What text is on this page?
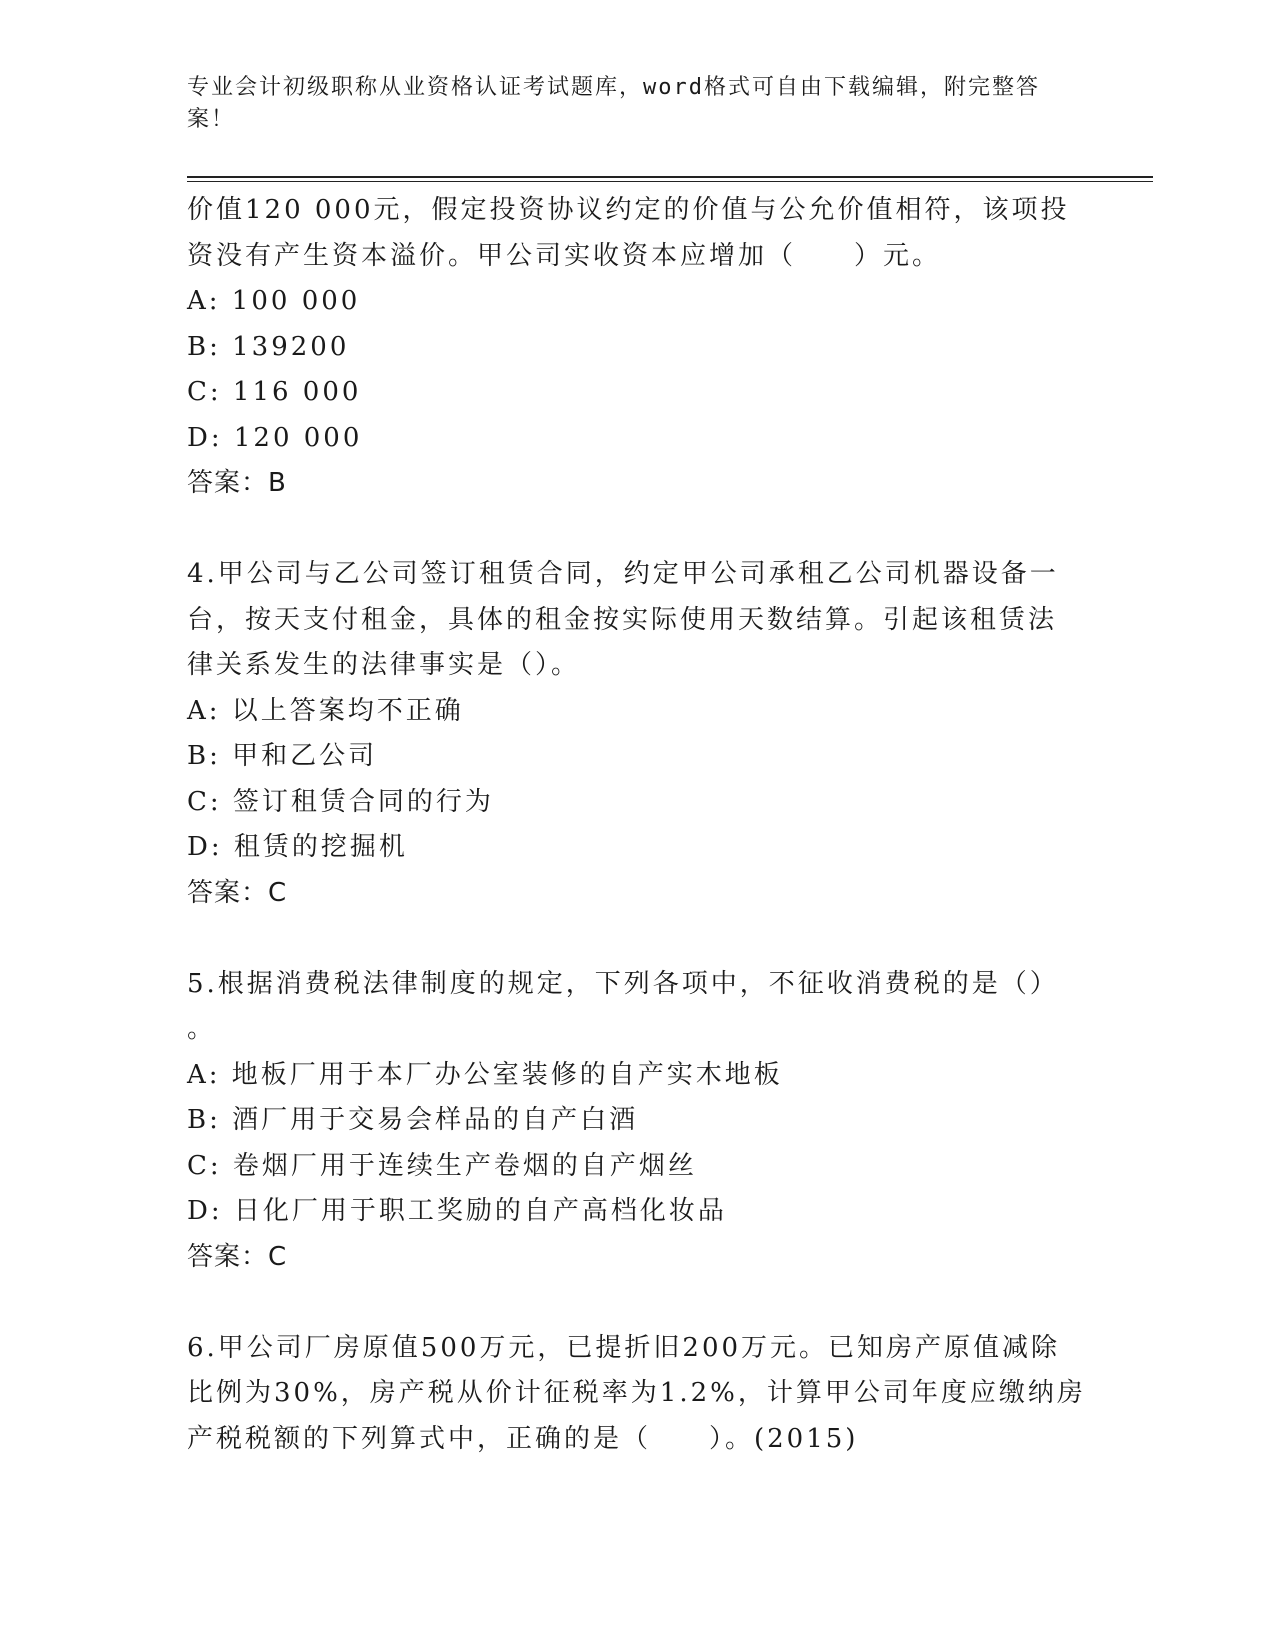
专业会计初级职称从业资格认证考试题库，word格式可自由下载编辑，附完整答
案！
价值120 000元，假定投资协议约定的价值与公允价值相符，该项投
资没有产生资本溢价。甲公司实收资本应增加（　　）元。
A: 100 000
B: 139200
C: 116 000
D: 120 000
答案：B
4.甲公司与乙公司签订租赁合同，约定甲公司承租乙公司机器设备一
台，按天支付租金，具体的租金按实际使用天数结算。引起该租赁法
律关系发生的法律事实是（）。
A: 以上答案均不正确
B: 甲和乙公司
C: 签订租赁合同的行为
D: 租赁的挖掘机
答案：C
5.根据消费税法律制度的规定，下列各项中，不征收消费税的是（）
。
A: 地板厂用于本厂办公室装修的自产实木地板
B: 酒厂用于交易会样品的自产白酒
C: 卷烟厂用于连续生产卷烟的自产烟丝
D: 日化厂用于职工奖励的自产高档化妆品
答案：C
6.甲公司厂房原值500万元，已提折旧200万元。已知房产原值减除
比例为30%，房产税从价计征税率为1.2%，计算甲公司年度应缴纳房
产税税额的下列算式中，正确的是（　　）。(2015)
